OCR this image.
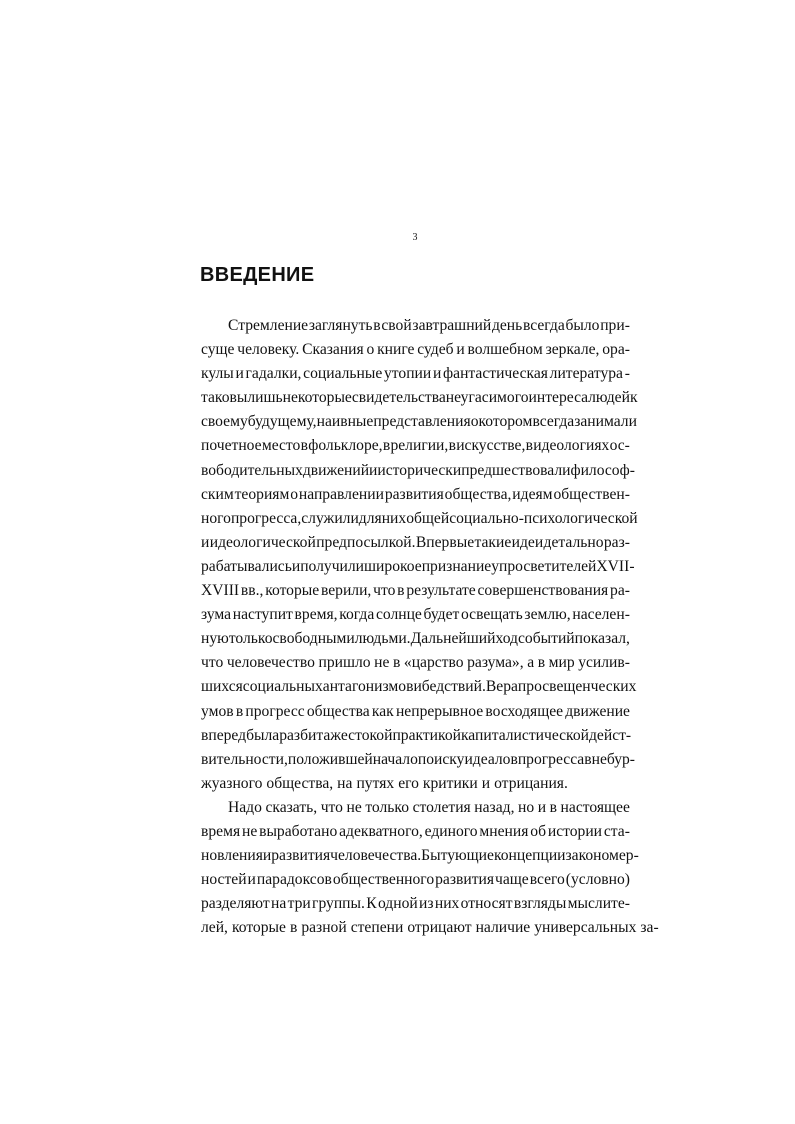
3
ВВЕДЕНИЕ
Стремление заглянуть в свой завтрашний день всегда было при-
суще человеку. Сказания о книге судеб и волшебном зеркале, ора-
кулы и гадалки, социальные утопии и фантастическая литература -
таковы лишь некоторые свидетельства неугасимого интереса людей к
своему будущему, наивные представления о котором всегда занимали
почетное место в фольклоре, в религии, в искусстве, в идеологиях ос-
вободительных движений и исторически предшествовали философ-
ским теориям о направлении развития общества, идеям обществен-
ного прогресса, служили для них общей социально-психологической
и идеологической предпосылкой. Впервые такие идеи детально раз-
рабатывались и получили широкое признание у просветителей XVII-
XVIII вв., которые верили, что в результате совершенствования ра-
зума наступит время, когда солнце будет освещать землю, населен-
ную только свободными людьми. Дальнейший ход событий показал,
что человечество пришло не в «царство разума», а в мир усилив-
шихся социальных антагонизмов и бедствий. Вера просвещенческих
умов в прогресс общества как непрерывное восходящее движение
вперед была разбита жестокой практикой капиталистической дейст-
вительности, положившей начало поиску идеалов прогресса вне бур-
жуазного общества, на путях его критики и отрицания.
Надо сказать, что не только столетия назад, но и в настоящее
время не выработано адекватного, единого мнения об истории ста-
новления и развития человечества. Бытующие концепции закономер-
ностей и парадоксов общественного развития чаще всего (условно)
разделяют на три группы. К одной из них относят взгляды мыслите-
лей, которые в разной степени отрицают наличие универсальных за-
